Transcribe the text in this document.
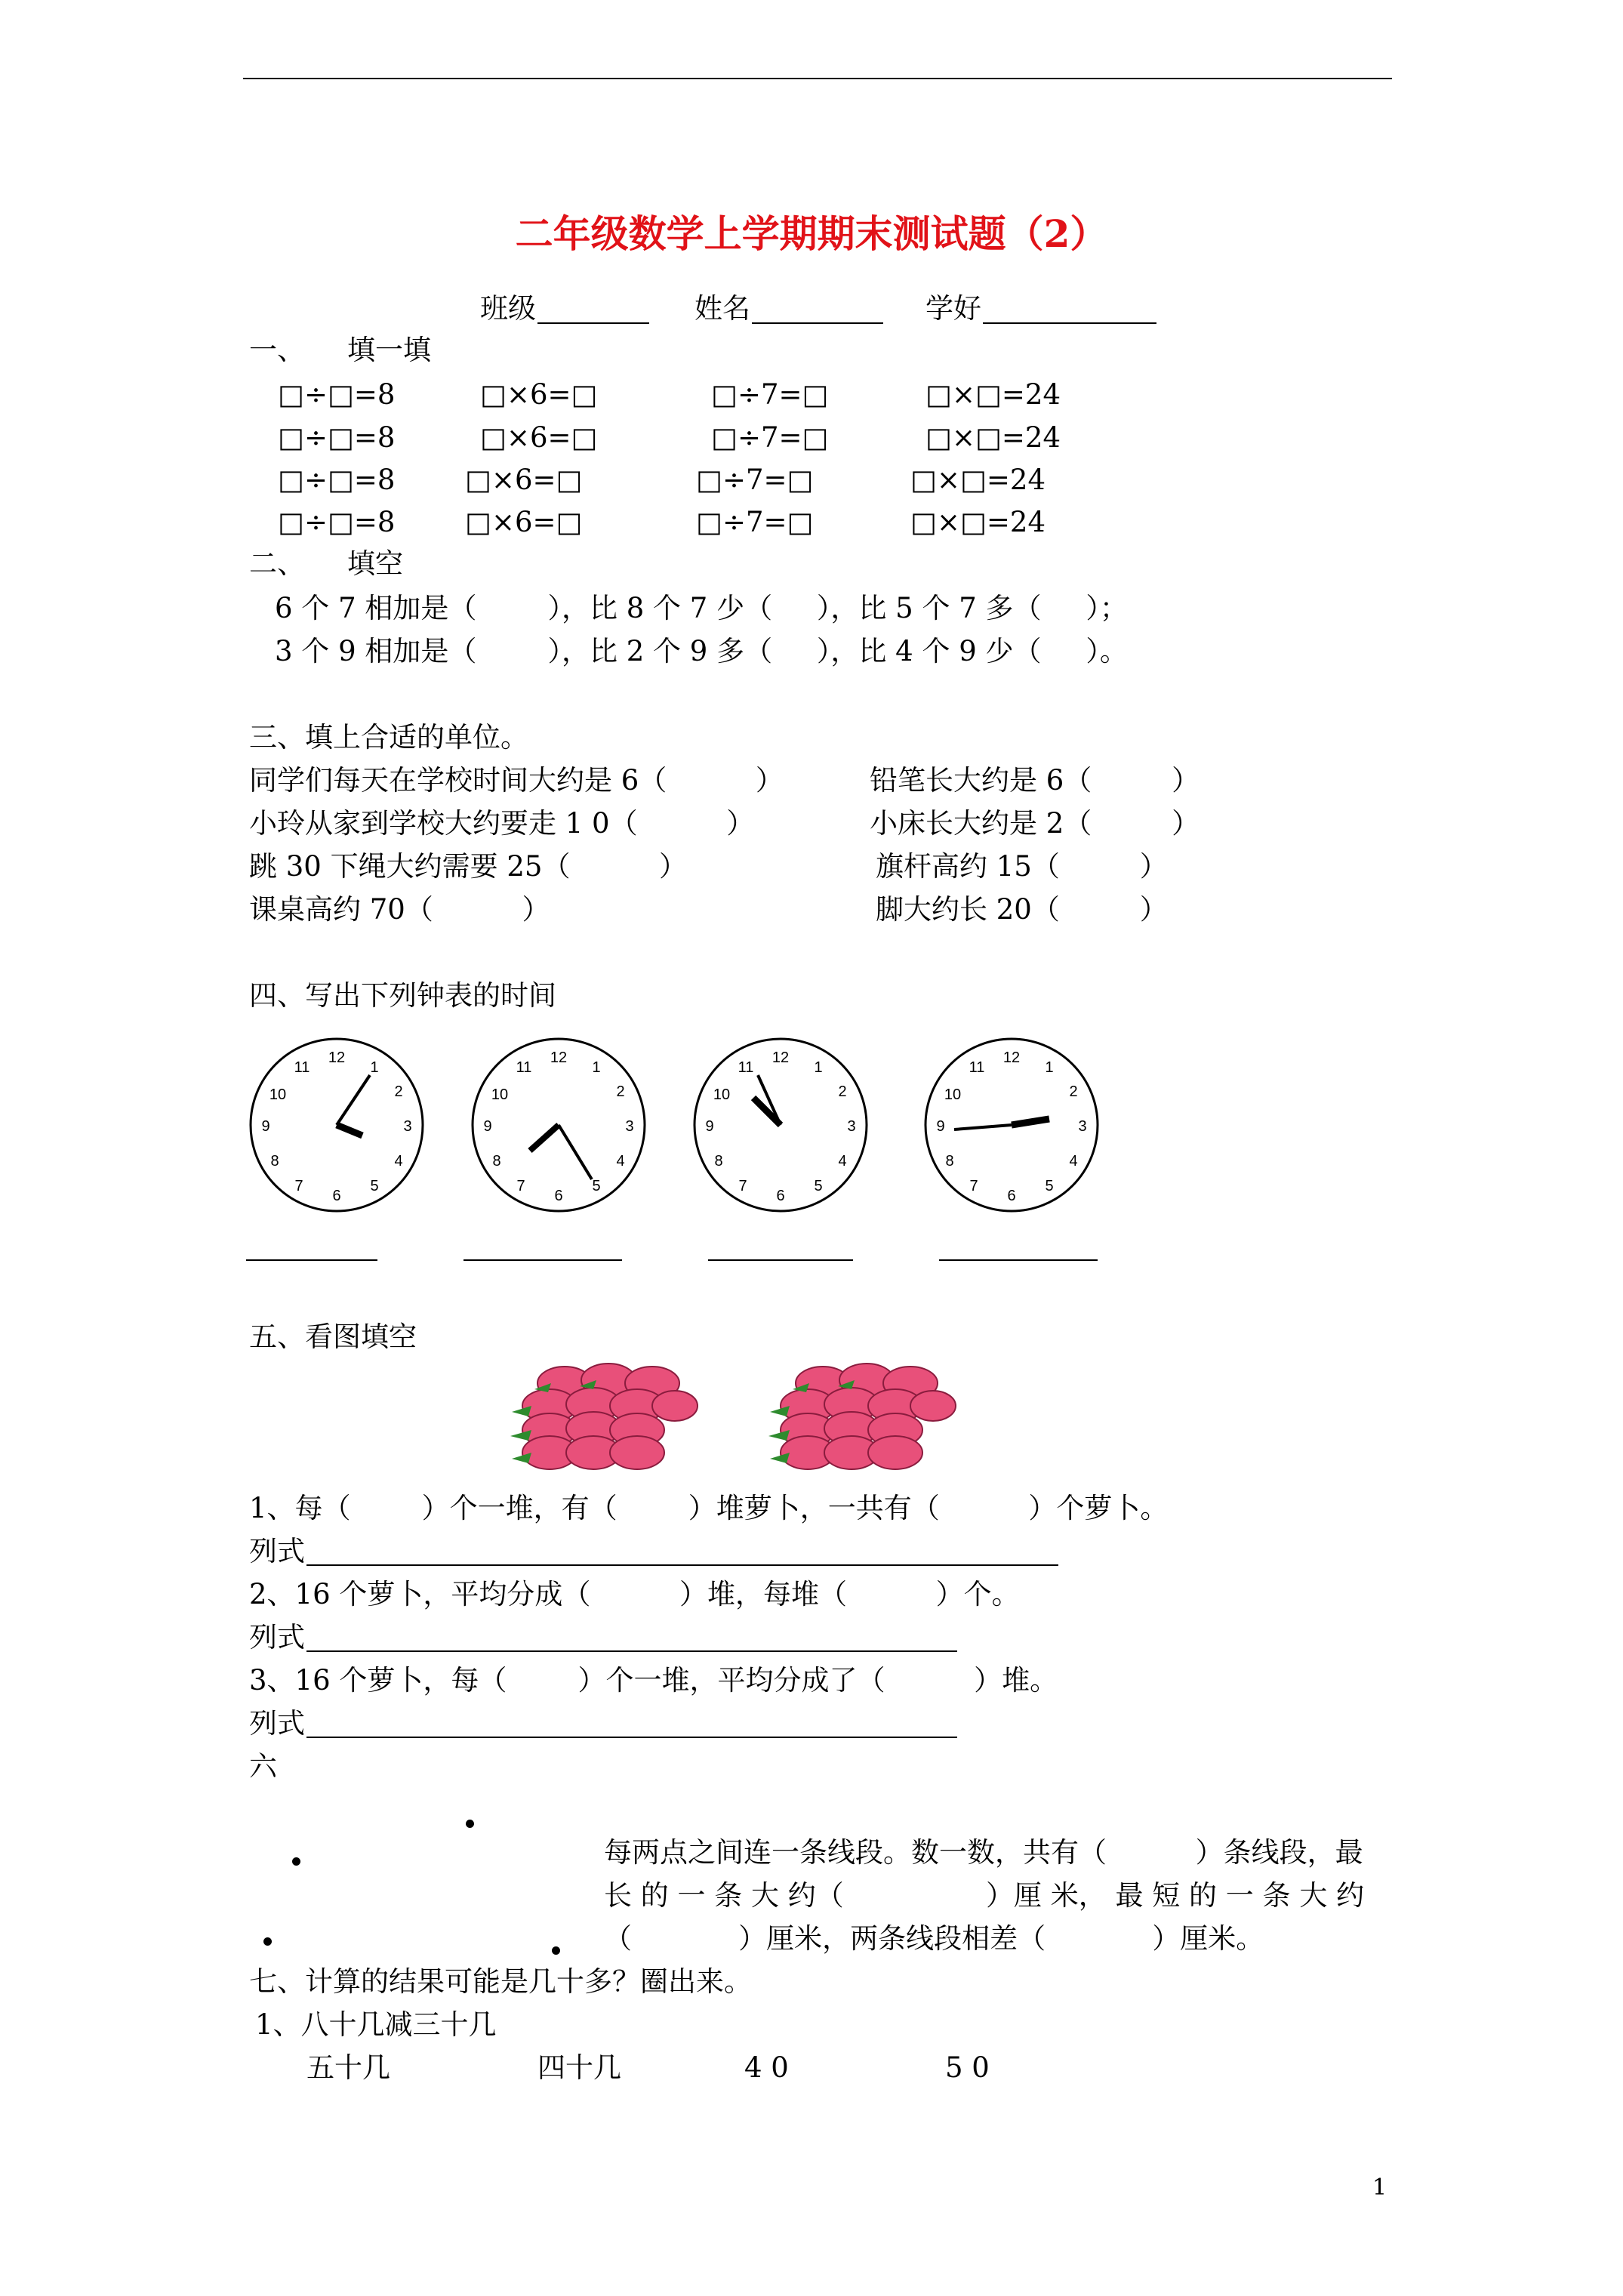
二年级数学上学期期末测试题（2）
班级	姓名	学好
一、 填一填
□÷□=8	□×6=□	□÷7=□	□×□=24
□÷□=8	□×6=□	□÷7=□	□×□=24
□÷□=8	□×6=□	□÷7=□	□×□=24
□÷□=8	□×6=□	□÷7=□	□×□=24
二、 填空
6 个 7 相加是（        ），比 8 个 7 少（     ），比 5 个 7 多（     ）；
3 个 9 相加是（        ），比 2 个 9 多（     ），比 4 个 9 少（     ）。
三、填上合适的单位。
同学们每天在学校时间大约是 6（          ）	铅笔长大约是 6（         ）
小玲从家到学校大约要走 1 0（          ）	小床长大约是 2（         ）
跳 30 下绳大约需要 25（          ）	旗杆高约 15（         ）
课桌高约 70（          ）	脚大约长 20（         ）
四、写出下列钟表的时间
12
1
2
3
4
5
6
7
8
9
10
11
12
1
2
3
4
5
6
7
8
9
10
11
12
1
2
3
4
5
6
7
8
9
10
11
12
1
2
3
4
5
6
7
8
9
10
11
五、看图填空
1、每（        ）个一堆，有（        ）堆萝卜，一共有（          ）个萝卜。
列式
2、16 个萝卜，平均分成（          ）堆，每堆（          ）个。
列式
3、16 个萝卜，每（        ）个一堆，平均分成了（          ）堆。
列式
六
每两点之间连一条线段。数一数，共有（          ）条线段，最
长 的 一 条 大 约（                ）厘 米， 最 短 的 一 条 大 约
（            ）厘米，两条线段相差（            ）厘米。
七、计算的结果可能是几十多？圈出来。
1、八十几减三十几
五十几	四十几	4 0	5 0
1
